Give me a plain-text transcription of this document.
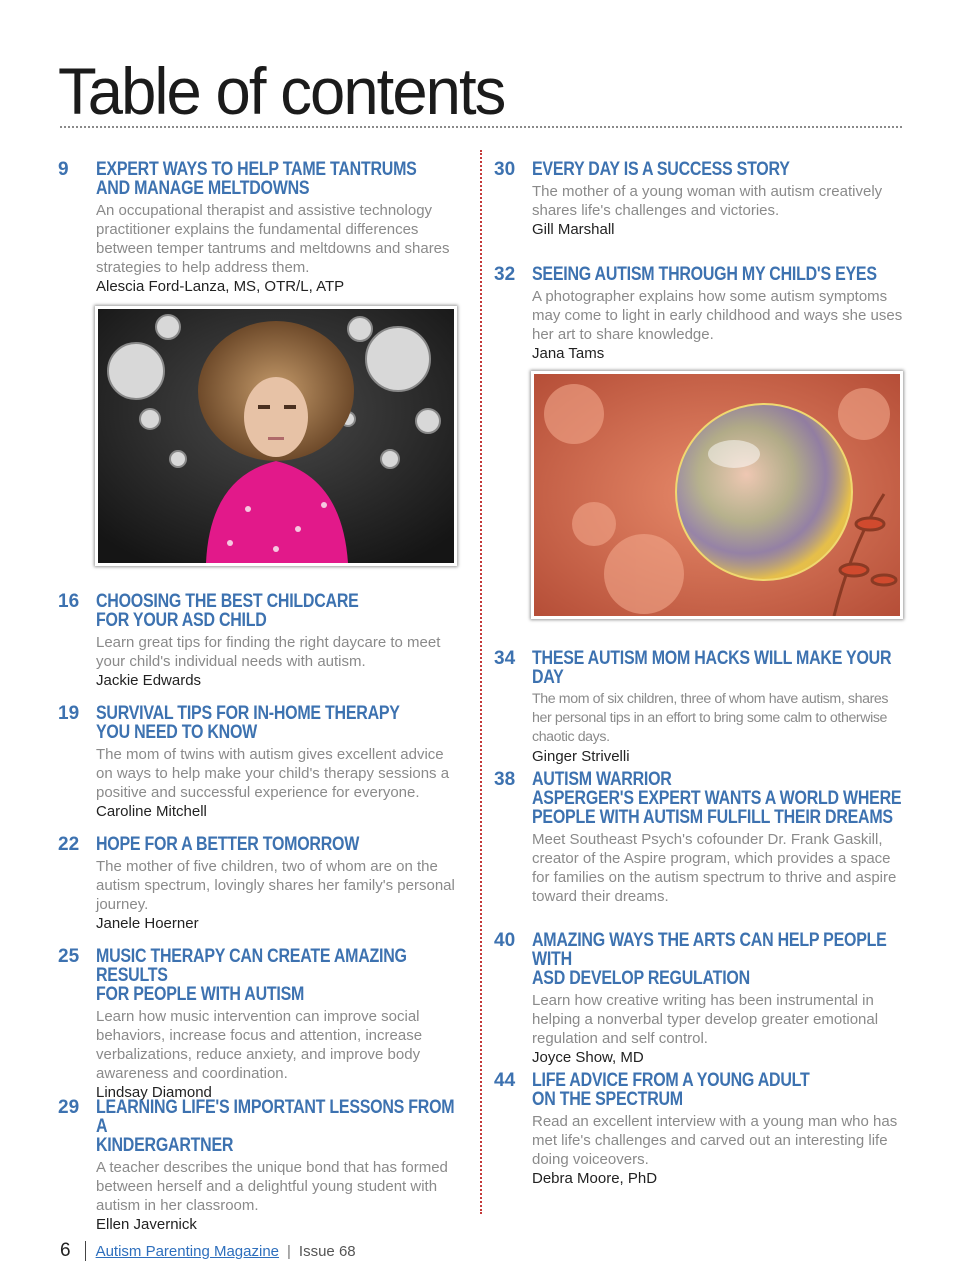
Table of contents
9	EXPERT WAYS TO HELP TAME TANTRUMS
AND MANAGE MELTDOWNS
An occupational therapist and assistive technology practitioner explains the fundamental differences between temper tantrums and meltdowns and shares strategies to help address them.
Alescia Ford-Lanza, MS, OTR/L, ATP
16 CHOOSING THE BEST CHILDCARE
FOR YOUR ASD CHILD
Learn great tips for finding the right daycare to meet your child's individual needs with autism.
Jackie Edwards
19 SURVIVAL TIPS FOR IN-HOME THERAPY
YOU NEED TO KNOW
The mom of twins with autism gives excellent advice on ways to help make your child's therapy sessions a positive and successful experience for everyone.
Caroline Mitchell
22 HOPE FOR A BETTER TOMORROW
The mother of five children, two of whom are on the autism spectrum, lovingly shares her family's personal journey.
Janele Hoerner
25 MUSIC THERAPY CAN CREATE AMAZING RESULTS
FOR PEOPLE WITH AUTISM
Learn how music intervention can improve social behaviors, increase focus and attention, increase verbalizations, reduce anxiety, and improve body awareness and coordination.
Lindsay Diamond
29 LEARNING LIFE'S IMPORTANT LESSONS FROM A
KINDERGARTNER
A teacher describes the unique bond that has formed between herself and a delightful young student with autism in her classroom.
Ellen Javernick
30 EVERY DAY IS A SUCCESS STORY
The mother of a young woman with autism creatively shares life's challenges and victories.
Gill Marshall
32 SEEING AUTISM THROUGH MY CHILD'S EYES
A photographer explains how some autism symptoms may come to light in early childhood and ways she uses her art to share knowledge.
Jana Tams
34 THESE AUTISM MOM HACKS WILL MAKE YOUR DAY
The mom of six children, three of whom have autism, shares her personal tips in an effort to bring some calm to otherwise chaotic days.
Ginger Strivelli
38 AUTISM WARRIOR
ASPERGER'S EXPERT WANTS A WORLD WHERE
PEOPLE WITH AUTISM FULFILL THEIR DREAMS
Meet Southeast Psych's cofounder Dr. Frank Gaskill, creator of the Aspire program, which provides a space for families on the autism spectrum to thrive and aspire toward their dreams.
40 AMAZING WAYS THE ARTS CAN HELP PEOPLE WITH
ASD DEVELOP REGULATION
Learn how creative writing has been instrumental in helping a nonverbal typer develop greater emotional regulation and self control.
Joyce Show, MD
44 LIFE ADVICE FROM A YOUNG ADULT
ON THE SPECTRUM
Read an excellent interview with a young man who has met life's challenges and carved out an interesting life doing voiceovers.
Debra Moore, PhD
6 Autism Parenting Magazine | Issue 68
